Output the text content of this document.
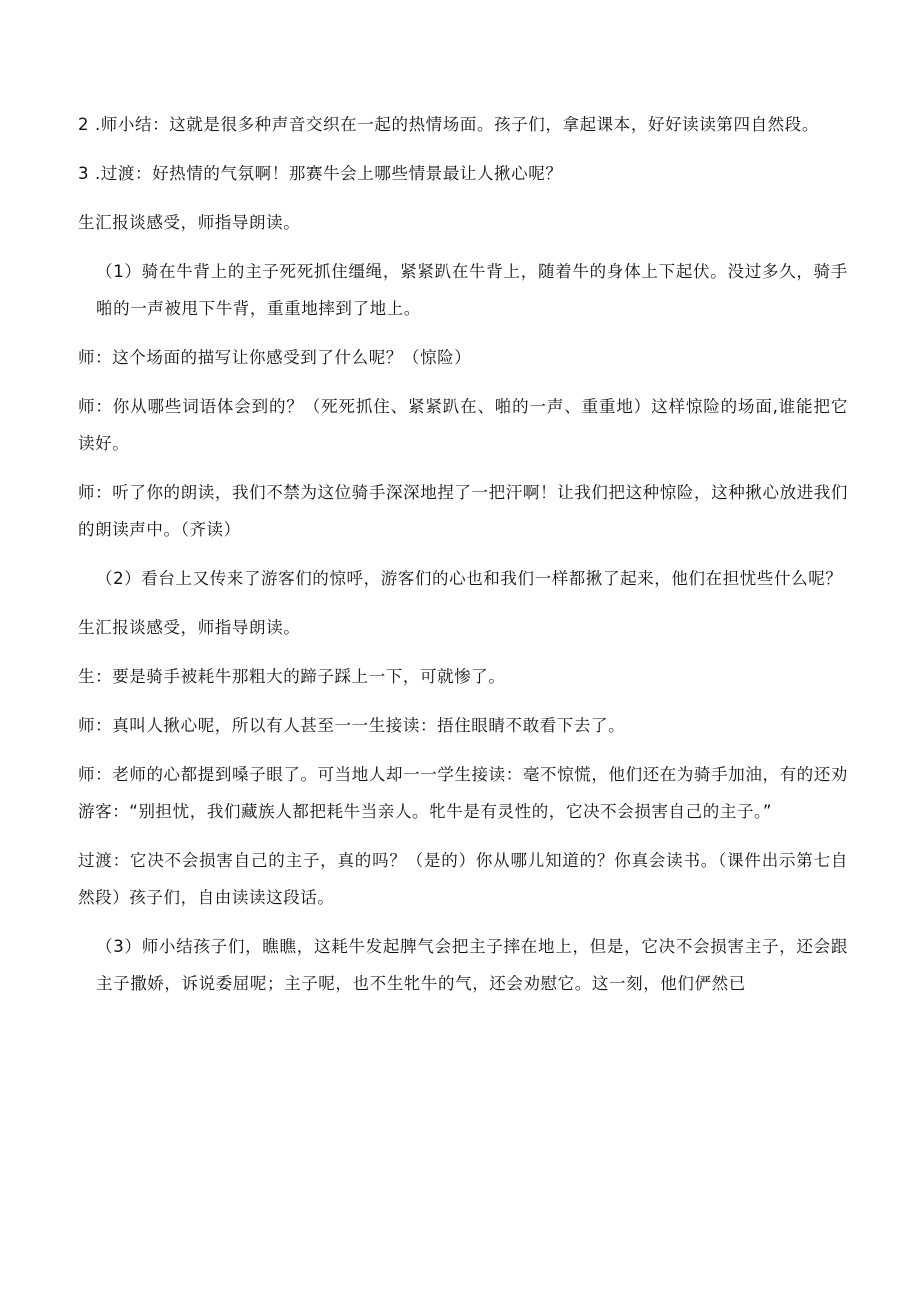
2 .师小结：这就是很多种声音交织在一起的热情场面。孩子们，拿起课本，好好读读第四自然段。

3 .过渡：好热情的气氛啊！那赛牛会上哪些情景最让人揪心呢？

生汇报谈感受，师指导朗读。

（1）骑在牛背上的主子死死抓住缰绳，紧紧趴在牛背上，随着牛的身体上下起伏。没过多久，骑手啪的一声被甩下牛背，重重地摔到了地上。

师：这个场面的描写让你感受到了什么呢？（惊险）

师：你从哪些词语体会到的？（死死抓住、紧紧趴在、啪的一声、重重地）这样惊险的场面,谁能把它读好。

师：听了你的朗读，我们不禁为这位骑手深深地捏了一把汗啊！让我们把这种惊险，这种揪心放进我们的朗读声中。（齐读）

（2）看台上又传来了游客们的惊呼，游客们的心也和我们一样都揪了起来，他们在担忧些什么呢？

生汇报谈感受，师指导朗读。

生：要是骑手被耗牛那粗大的蹄子踩上一下，可就惨了。

师：真叫人揪心呢，所以有人甚至一一生接读：捂住眼睛不敢看下去了。

师：老师的心都提到嗓子眼了。可当地人却一一学生接读：毫不惊慌，他们还在为骑手加油，有的还劝游客：“别担忧，我们藏族人都把耗牛当亲人。牝牛是有灵性的，它决不会损害自己的主子。”

过渡：它决不会损害自己的主子，真的吗？（是的）你从哪儿知道的？你真会读书。（课件出示第七自然段）孩子们，自由读读这段话。

（3）师小结孩子们，瞧瞧，这耗牛发起脾气会把主子摔在地上，但是，它决不会损害主子，还会跟主子撒娇，诉说委屈呢；主子呢，也不生牝牛的气，还会劝慰它。这一刻，他们俨然已
